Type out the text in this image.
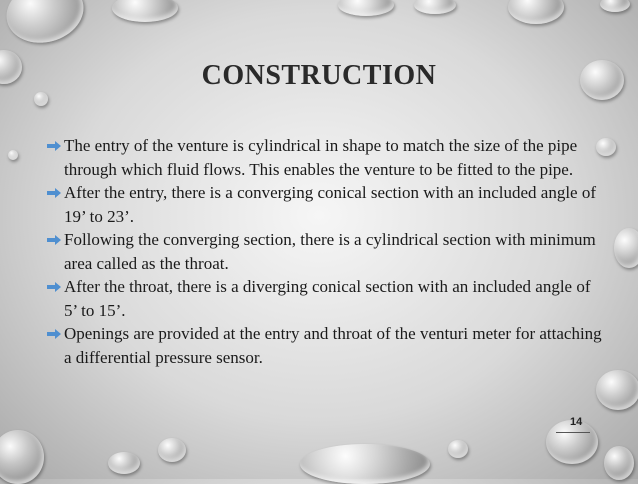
CONSTRUCTION
The entry of the venture is cylindrical in shape to match the size of the pipe through which fluid flows. This enables the venture to be fitted to the pipe.
After the entry, there is a converging conical section with an included angle of 19’ to 23’.
Following the converging section, there is a cylindrical section with minimum area called as the throat.
After the throat, there is a diverging conical section with an included angle of 5’ to 15’.
Openings are provided at the entry and throat of the venturi meter for attaching a differential pressure sensor.
14
